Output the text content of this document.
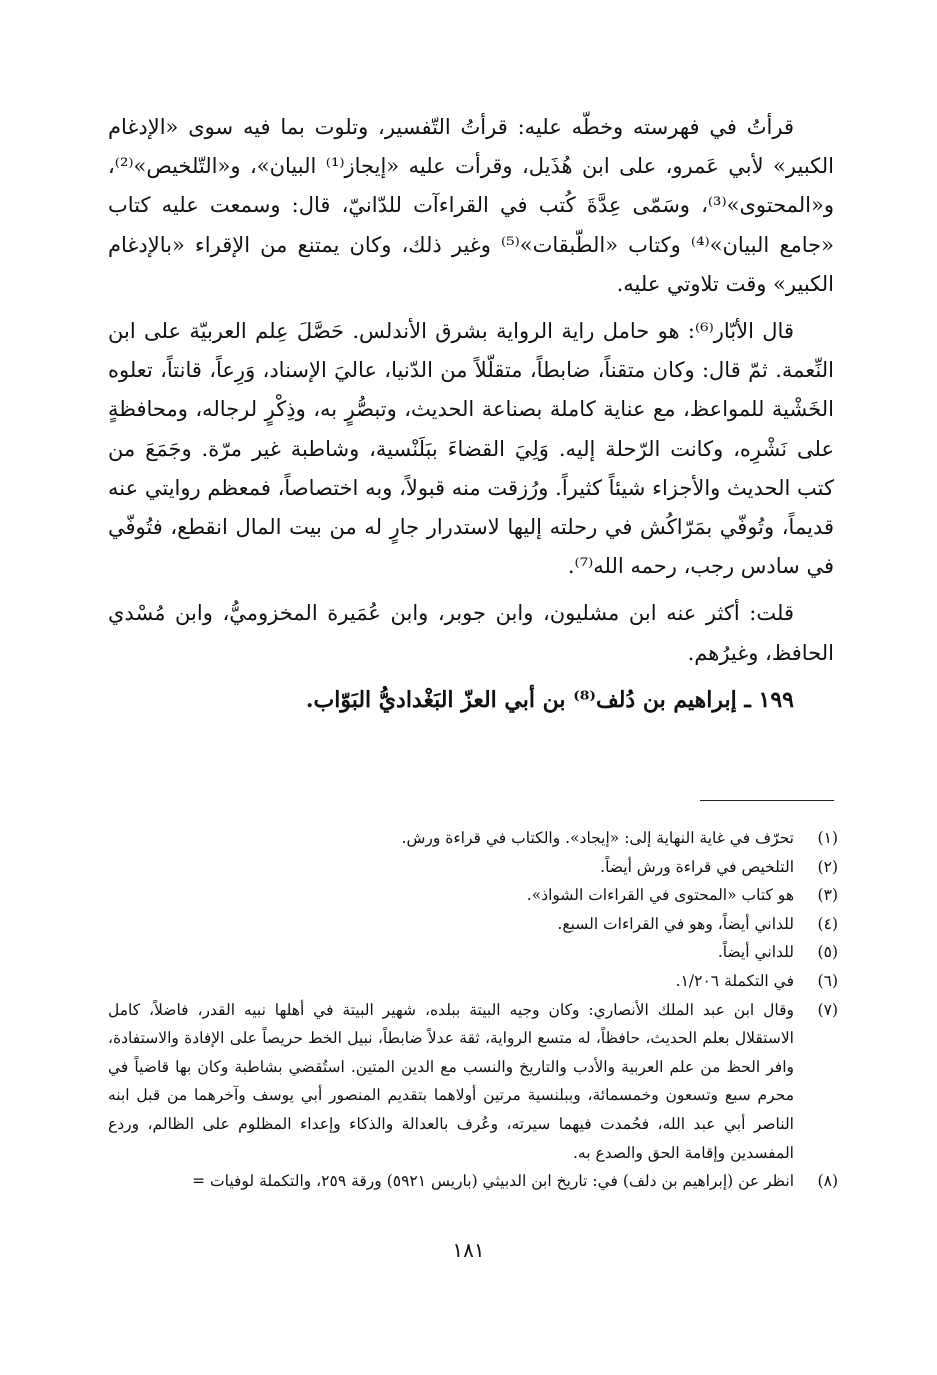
قرأتُ في فهرسته وخطّه عليه: قرأتُ التّفسير، وتلوت بما فيه سوى «الإدغام الكبير» لأبي عَمرو، على ابن هُذَيل، وقرأت عليه «إيجاز⁽¹⁾ البيان»، و«التّلخيص»⁽²⁾، و«المحتوى»⁽³⁾، وسَمّى عِدَّةَ كُتب في القراءآت للدّانيّ، قال: وسمعت عليه كتاب «جامع البيان»⁽⁴⁾ وكتاب «الطّبقات»⁽⁵⁾ وغير ذلك، وكان يمتنع من الإقراء «بالإدغام الكبير» وقت تلاوتي عليه.

قال الأبّار⁽⁶⁾: هو حامل راية الرواية بشرق الأندلس. حَصَّلَ عِلم العربيّة على ابن النِّعمة. ثمّ قال: وكان متقناً، ضابطاً، متقلّلاً من الدّنيا، عاليَ الإسناد، وَرِعاً، قانتاً، تعلوه الخَشْية للمواعظ، مع عناية كاملة بصناعة الحديث، وتبصُّرٍ به، وذِكْرٍ لرجاله، ومحافظةٍ على نَشْرِه، وكانت الرّحلة إليه. وَلِيَ القضاءَ ببَلَنْسية، وشاطبة غير مرّة. وجَمَعَ من كتب الحديث والأجزاء شيئاً كثيراً. ورُزقت منه قبولاً، وبه اختصاصاً، فمعظم روايتي عنه قديماً، وتُوفّي بمَرّاكُش في رحلته إليها لاستدرار جارٍ له من بيت المال انقطع، فتُوفّي في سادس رجب، رحمه الله⁽⁷⁾.

قلت: أكثر عنه ابن مشليون، وابن جوبر، وابن عُمَيرة المخزوميُّ، وابن مُسْدي الحافظ، وغيرُهم.

١٩٩ ـ إبراهيم بن دُلف⁽⁸⁾ بن أبي العزّ البَغْداديُّ البَوّاب.

(١)
تحرّف في غاية النهاية إلى: «إيجاد». والكتاب في قراءة ورش.
(٢)
التلخيص في قراءة ورش أيضاً.
(٣)
هو كتاب «المحتوى في القراءات الشواذ».
(٤)
للداني أيضاً، وهو في القراءات السبع.
(٥)
للداني أيضاً.
(٦)
في التكملة ١/٢٠٦.
(٧)
وقال ابن عبد الملك الأنصاري: وكان وجيه البيتة ببلده، شهير البيتة في أهلها نبيه القدر، فاضلاً، كامل الاستقلال بعلم الحديث، حافظاً، له متسع الرواية، ثقة عدلاً ضابطاً، نبيل الخط حريصاً على الإفادة والاستفادة، وافر الحظ من علم العربية والأدب والتاريخ والنسب مع الدين المتين. استُقضي بشاطبة وكان بها قاضياً في محرم سبع وتسعون وخمسمائة، وببلنسية مرتين أولاهما بتقديم المنصور أبي يوسف وآخرهما من قبل ابنه الناصر أبي عبد الله، فحُمدت فيهما سيرته، وعُرف بالعدالة والذكاء وإعداء المظلوم على الظالم، وردع المفسدين وإقامة الحق والصدع به.
(٨)
انظر عن (إبراهيم بن دلف) في: تاريخ ابن الدبيثي (باريس ٥٩٢١) ورقة ٢٥٩، والتكملة لوفيات =
١٨١
